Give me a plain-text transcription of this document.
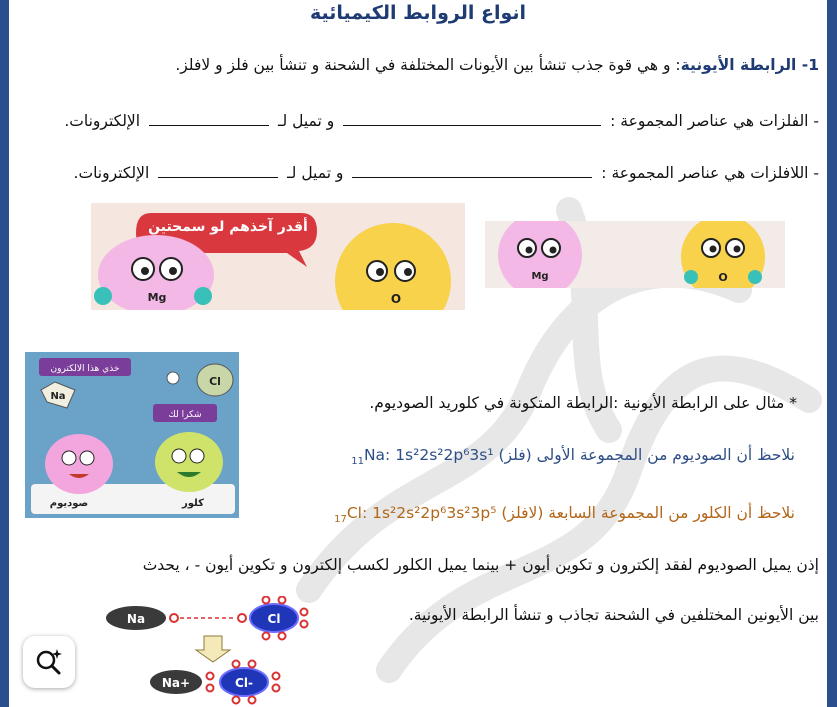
انواع الروابط الكيميائية
1- الرابطة الأيونية: و هي قوة جذب تنشأ بين الأيونات المختلفة في الشحنة و تنشأ بين فلز و لافلز.
- الفلزات هي عناصر المجموعة :  و تميل لـ  الإلكترونات.
- اللافلزات هي عناصر المجموعة :  و تميل لـ  الإلكترونات.
أقدر آخذهم لو سمحتين
Mg	O
Mg	O
خذي هذا الالكترون
Na
Cl
شكرا لك
صوديوم	كلور
* مثال على الرابطة الأيونية :الرابطة المتكونة في كلوريد الصوديوم.
$_{11}$Na: 1s²2s²2p⁶3s¹ نلاحظ أن الصوديوم من المجموعة الأولى (فلز)
$_{17}$Cl: 1s²2s²2p⁶3s²3p⁵ نلاحظ أن الكلور من المجموعة السابعة (لافلز)
إذن يميل الصوديوم لفقد إلكترون و تكوين أيون + بينما يميل الكلور لكسب إلكترون و تكوين أيون - ، يحدث
بين الأيونين المختلفين في الشحنة تجاذب و تنشأ الرابطة الأيونية.
Na	Cl
Na+	Cl-
